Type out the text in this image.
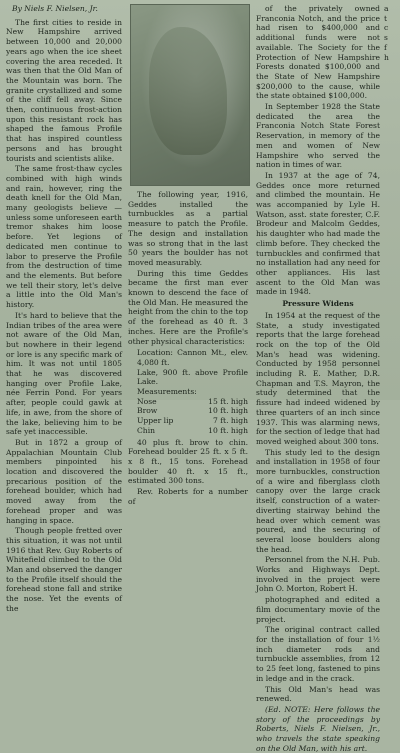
By Niels F. Nielsen, Jr.

The first cities to reside in New Hampshire arrived between 10,000 and 20,000 years ago when the ice sheet covering the area receded. It was then that the Old Man of the Mountain was born. The granite crystallized and some of the cliff fell away. Since then, continuous frost-action upon this resistant rock has shaped the famous Profile that has inspired countless persons and has brought tourists and scientists alike.

The same frost-thaw cycles combined with high winds and rain, however, ring the death knell for the Old Man, many geologists believe — unless some unforeseen earth tremor shakes him loose before. Yet legions of dedicated men continue to labor to preserve the Profile from the destruction of time and the elements. But before we tell their story, let's delve a little into the Old Man's history.

It's hard to believe that the Indian tribes of the area were not aware of the Old Man, but nowhere in their legend or lore is any specific mark of him. It was not until 1805 that he was discovered hanging over Profile Lake, née Ferrin Pond. For years after, people could gawk at life, in awe, from the shore of the lake, believing him to be safe yet inaccessible.

But in 1872 a group of Appalachian Mountain Club members pinpointed his location and discovered the precarious position of the forehead boulder, which had moved away from the forehead proper and was hanging in space.

Though people fretted over this situation, it was not until 1916 that Rev. Guy Roberts of Whitefield climbed to the Old Man and observed the danger to the Profile itself should the forehead stone fall and strike the nose. Yet the events of the

The following year, 1916, Geddes installed the turnbuckles as a partial measure to patch the Profile. The design and installation was so strong that in the last 50 years the boulder has not moved measurably.

During this time Geddes became the first man ever known to descend the face of the Old Man. He measured the height from the chin to the top of the forehead as 40 ft. 3 inches. Here are the Profile's other physical characteristics:

Location: Cannon Mt., elev. 4,080 ft.
Lake, 900 ft. above Profile Lake.
Measurements:
Nose	15 ft. high
Brow	10 ft. high
Upper lip	7 ft. high
Chin	10 ft. high

40 plus ft. brow to chin. Forehead boulder 25 ft. x 5 ft. x 8 ft., 15 tons. Forehead boulder 40 ft. x 15 ft., estimated 300 tons.

Rev. Roberts for a number of

of the privately owned Franconia Notch, and the price had risen to $400,000 and additional funds were not available. The Society for the Protection of New Hampshire Forests donated $100,000 and the State of New Hampshire $200,000 to the cause, while the state obtained $100,000.

In September 1928 the State dedicated the area the Franconia Notch State Forest Reservation, in memory of the men and women of New Hampshire who served the nation in times of war.

In 1937 at the age of 74, Geddes once more returned and climbed the mountain. He was accompanied by Lyle H. Watson, asst. state forester, C.F. Brodeur and Malcolm Geddes, his daughter who had made the climb before. They checked the turnbuckles and confirmed that no installation had any need for other appliances. His last ascent to the Old Man was made in 1948.

Pressure Widens

In 1954 at the request of the State, a study investigated reports that the large forehead rock on the top of the Old Man's head was widening. Conducted by 1958 personnel including R. E. Mather, D.R. Chapman and T.S. Mayron, the study determined that the fissure had indeed widened by three quarters of an inch since 1937. This was alarming news, for the section of ledge that had moved weighed about 300 tons.

This study led to the design and installation in 1958 of four more turnbuckles, construction of a wire and fiberglass cloth canopy over the large crack itself, construction of a water-diverting stairway behind the head over which cement was poured, and the securing of several loose boulders along the head.

Personnel from the N.H. Pub. Works and Highways Dept. involved in the project were John O. Morton, Robert H.

photographed and edited a film documentary movie of the project.

The original contract called for the installation of four 1½ inch diameter rods and turnbuckle assemblies, from 12 to 25 feet long, fastened to pins in ledge and in the crack.

This Old Man's head was renewed.

(Ed. NOTE: Here follows the story of the proceedings by Roberts, Niels F. Nielsen, Jr., who travels the state speaking on the Old Man, with his art.

a
t
c
s
f
h
